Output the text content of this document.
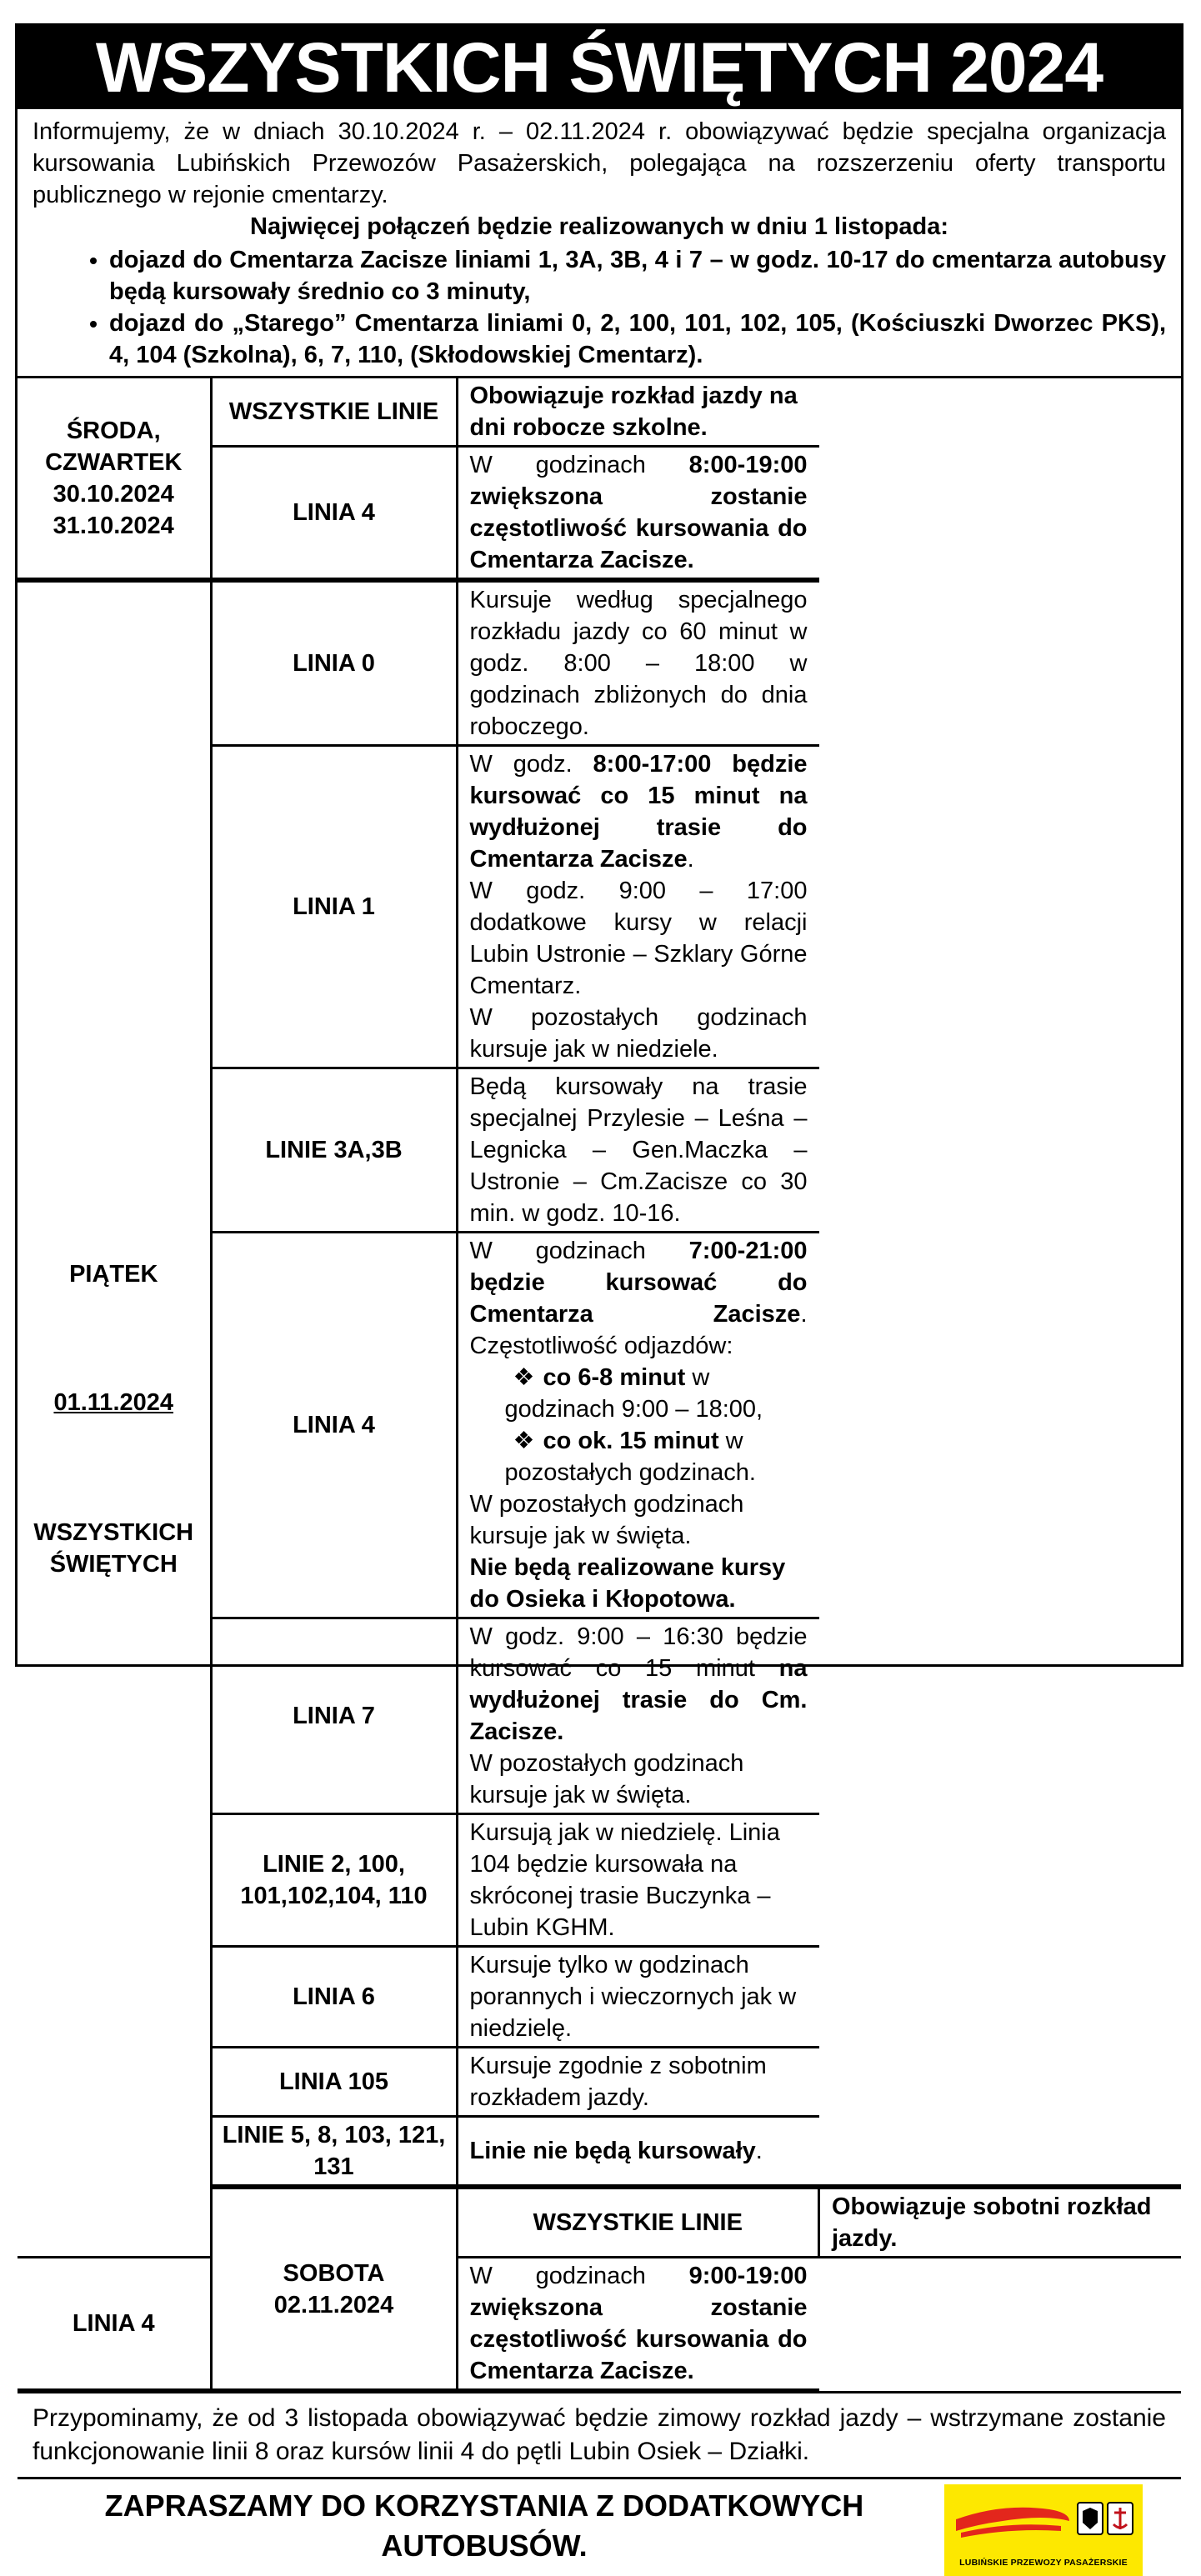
WSZYSTKICH ŚWIĘTYCH 2024

Informujemy, że w dniach 30.10.2024 r. – 02.11.2024 r. obowiązywać będzie specjalna organizacja kursowania Lubińskich Przewozów Pasażerskich, polegająca na rozszerzeniu oferty transportu publicznego w rejonie cmentarzy.

Najwięcej połączeń będzie realizowanych w dniu 1 listopada:

• dojazd do Cmentarza Zacisze liniami 1, 3A, 3B, 4 i 7 – w godz. 10-17 do cmentarza autobusy będą kursowały średnio co 3 minuty,
• dojazd do „Starego” Cmentarza liniami 0, 2, 100, 101, 102, 105, (Kościuszki Dworzec PKS), 4, 104 (Szkolna), 6, 7, 110, (Skłodowskiej Cmentarz).
ŚRODA,
CZWARTEK
30.10.2024
31.10.2024	WSZYSTKIE LINIE	Obowiązuje rozkład jazdy na dni robocze szkolne.	
	LINIA 4	W godzinach 8:00-19:00 zwiększona zostanie częstotliwość kursowania do Cmentarza Zacisze.	

PIĄTEK
01.11.2024
WSZYSTKICH
ŚWIĘTYCH	LINIA 0	Kursuje według specjalnego rozkładu jazdy co 60 minut w godz. 8:00 – 18:00 w godzinach zbliżonych do dnia roboczego.	
	LINIA 1	W godz. 8:00-17:00 będzie kursować co 15 minut na wydłużonej trasie do Cmentarza Zacisze.
W godz. 9:00 – 17:00 dodatkowe kursy w relacji Lubin Ustronie – Szklary Górne Cmentarz.
W pozostałych godzinach kursuje jak w niedziele.	

	LINIE 3A,3B	Będą kursowały na trasie specjalnej Przylesie – Leśna – Legnicka – Gen.Maczka – Ustronie – Cm.Zacisze co 30 min. w godz. 10-16.	
	LINIA 4	W godzinach 7:00-21:00 będzie kursować do Cmentarza Zacisze. Częstotliwość odjazdów:
❖ co 6-8 minut w godzinach 9:00 – 18:00,
❖ co ok. 15 minut w pozostałych godzinach.
W pozostałych godzinach kursuje jak w święta.
Nie będą realizowane kursy do Osieka i Kłopotowa.	

	LINIA 7	W godz. 9:00 – 16:30 będzie kursować co 15 minut na wydłużonej trasie do Cm. Zacisze.
W pozostałych godzinach kursuje jak w święta.	

	LINIE 2, 100,
101,102,104, 110	Kursują jak w niedzielę. Linia 104 będzie kursowała na skróconej trasie Buczynka – Lubin KGHM.	
	LINIA 6	Kursuje tylko w godzinach porannych i wieczornych jak w niedzielę.	
	LINIA 105	Kursuje zgodnie z sobotnim rozkładem jazdy.	

	LINIE 5, 8, 103, 121,
131	Linie nie będą kursowały.	

	SOBOTA
02.11.2024	WSZYSTKIE LINIE	Obowiązuje sobotni rozkład jazdy.
LINIA 4		W godzinach 9:00-19:00 zwiększona zostanie częstotliwość kursowania do Cmentarza Zacisze.	
Przypominamy, że od 3 listopada obowiązywać będzie zimowy rozkład jazdy – wstrzymane zostanie funkcjonowanie linii 8 oraz kursów linii 4 do pętli Lubin Osiek – Działki.
ZAPRASZAMY DO KORZYSTANIA Z DODATKOWYCH
AUTOBUSÓW.	LUBIŃSKIE PRZEWOZY PASAŻERSKIE
